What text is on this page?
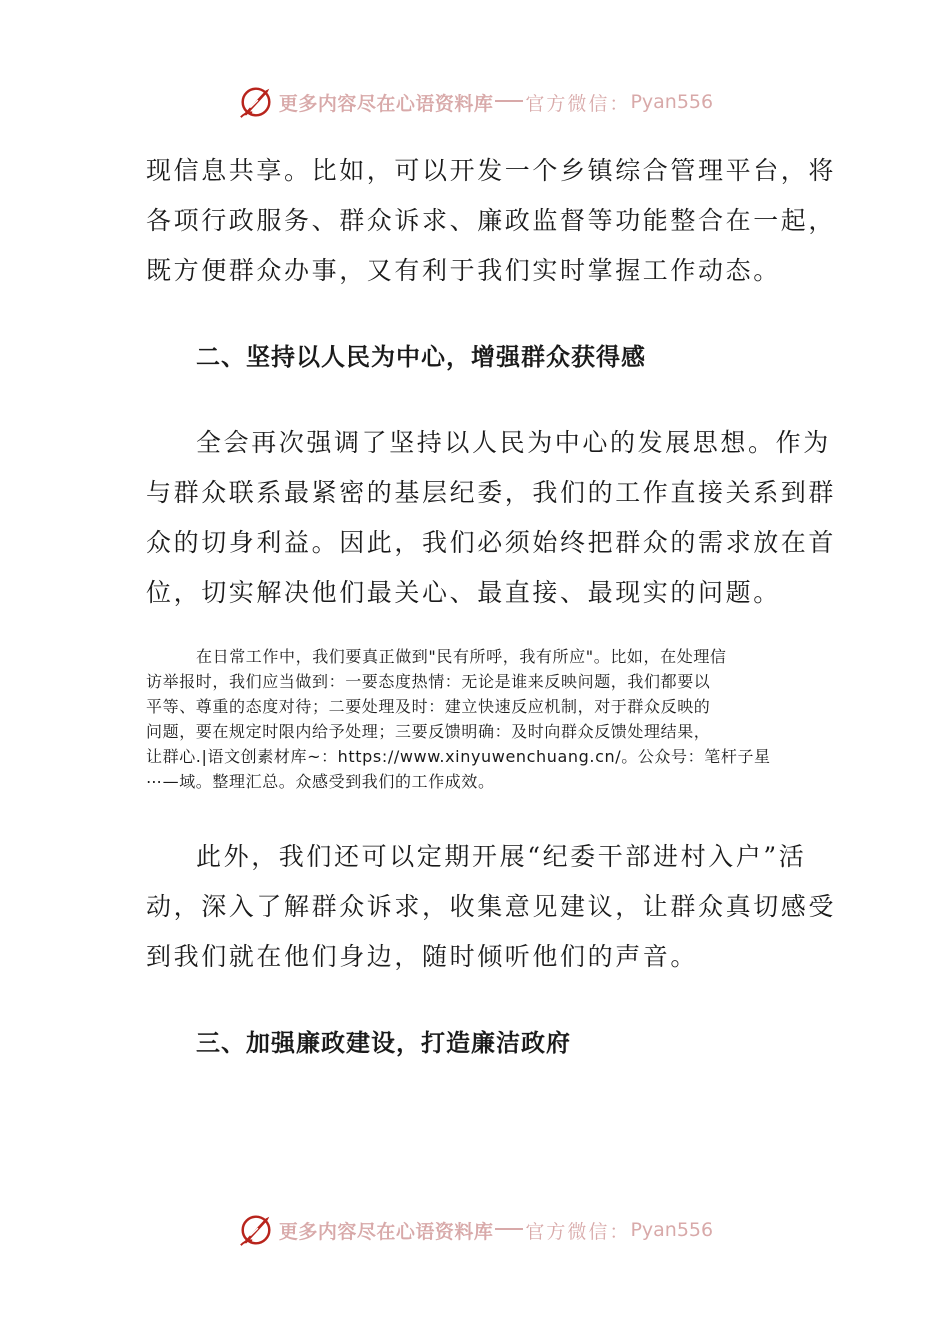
更多内容尽在心语资料库 官方微信： Pyan556

现信息共享。比如，可以开发一个乡镇综合管理平台，将

各项行政服务、群众诉求、廉政监督等功能整合在一起，

既方便群众办事，又有利于我们实时掌握工作动态。

二、坚持以人民为中心，增强群众获得感

全会再次强调了坚持以人民为中心的发展思想。作为

与群众联系最紧密的基层纪委，我们的工作直接关系到群

众的切身利益。因此，我们必须始终把群众的需求放在首

位，切实解决他们最关心、最直接、最现实的问题。

在日常工作中，我们要真正做到"民有所呼，我有所应"。比如，在处理信

访举报时，我们应当做到：一要态度热情：无论是谁来反映问题，我们都要以

平等、尊重的态度对待；二要处理及时：建立快速反应机制，对于群众反映的

问题，要在规定时限内给予处理；三要反馈明确：及时向群众反馈处理结果，

让群心.|语文创素材库~：https://www.xinyuwenchuang.cn/。公众号：笔杆子星

⋯—域。整理汇总。众感受到我们的工作成效。

此外，我们还可以定期开展“纪委干部进村入户”活

动，深入了解群众诉求，收集意见建议，让群众真切感受

到我们就在他们身边，随时倾听他们的声音。

三、加强廉政建设，打造廉洁政府

更多内容尽在心语资料库 官方微信： Pyan556
